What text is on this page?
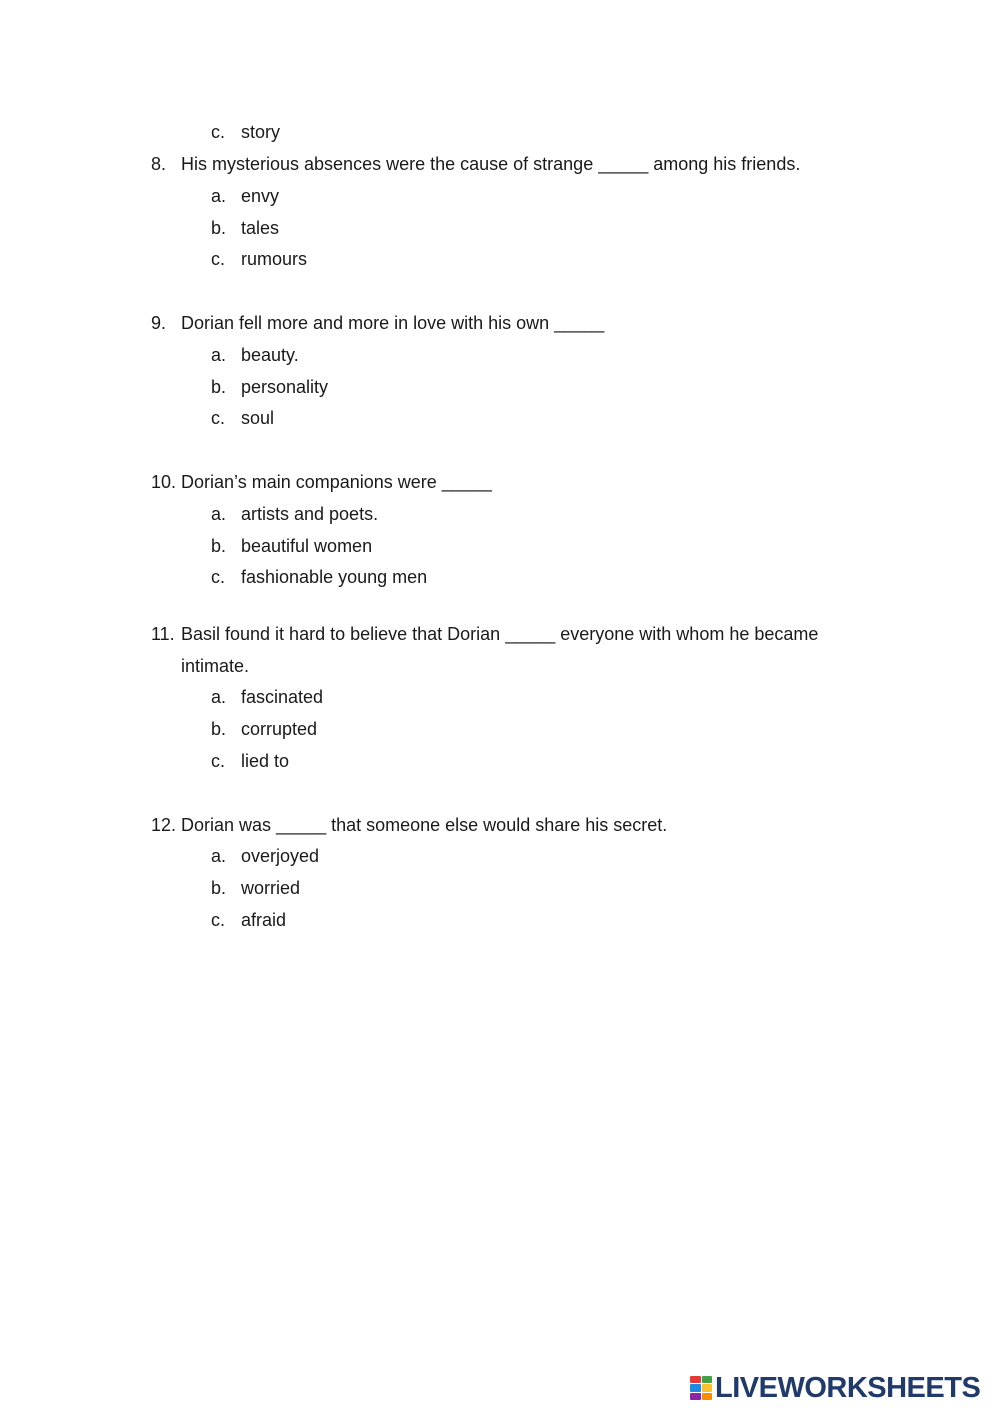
c. story
8. His mysterious absences were the cause of strange _____ among his friends.
a. envy
b. tales
c. rumours
9. Dorian fell more and more in love with his own _____
a. beauty.
b. personality
c. soul
10. Dorian’s main companions were _____
a. artists and poets.
b. beautiful women
c. fashionable young men
11. Basil found it hard to believe that Dorian _____ everyone with whom he became
intimate.
a. fascinated
b. corrupted
c. lied to
12. Dorian was _____ that someone else would share his secret.
a. overjoyed
b. worried
c. afraid
LIVEWORKSHEETS
